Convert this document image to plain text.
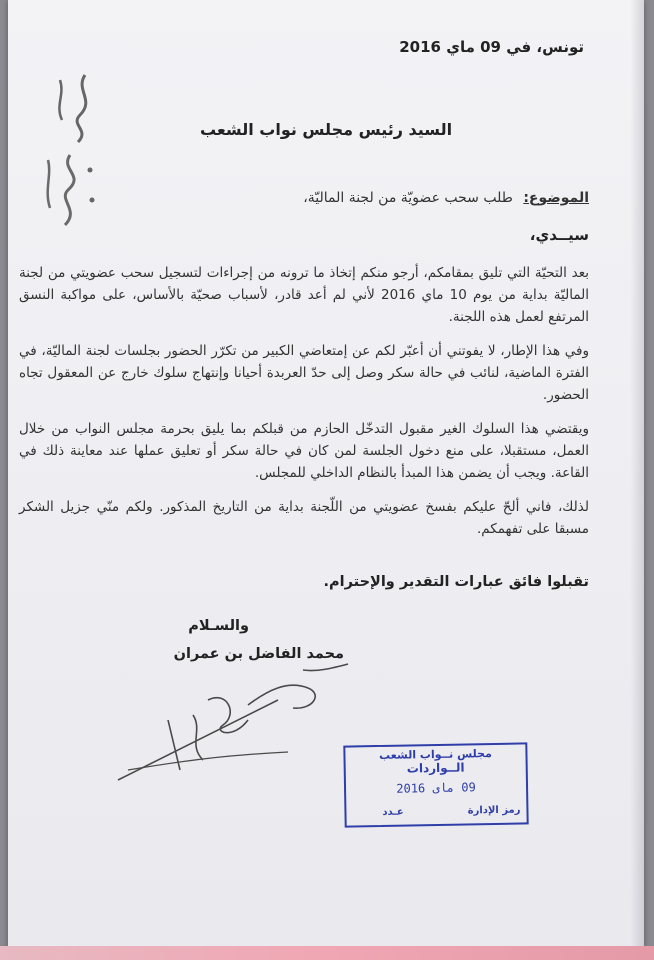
تونس، في 09 ماي 2016
السيد رئيس مجلس نواب الشعب
الموضوع: طلب سحب عضويّة من لجنة الماليّة،
سيــدي،

بعد التحيّة التي تليق بمقامكم، أرجو منكم إتخاذ ما ترونه من إجراءات لتسجيل سحب عضويتي من لجنة الماليّة بداية من يوم 10 ماي 2016 لأني لم أعد قادر، لأسباب صحيّة بالأساس، على مواكبة النسق المرتفع لعمل هذه اللجنة.

وفي هذا الإطار، لا يفوتني أن أعبّر لكم عن إمتعاضي الكبير من تكرّر الحضور بجلسات لجنة الماليّة، في الفترة الماضية، لنائب في حالة سكر وصل إلى حدّ العربدة أحيانا وإنتهاج سلوك خارج عن المعقول تجاه الحضور.

ويقتضي هذا السلوك الغير مقبول التدخّل الحازم من قبلكم بما يليق بحرمة مجلس النواب من خلال العمل، مستقبلا، على منع دخول الجلسة لمن كان في حالة سكر أو تعليق عملها عند معاينة ذلك في القاعة. ويجب أن يضمن هذا المبدأ بالنظام الداخلي للمجلس.

لذلك، فاني ألحّ عليكم بفسخ عضويتي من اللّجنة بداية من التاريخ المذكور. ولكم منّي جزيل الشكر مسبقا على تفهمكم.

تقبلوا فائق عبارات التقدير والإحترام.
والسـلام
محمد الفاضل بن عمران
مجلس نــواب الشعب
الــواردات
09 ماى 2016
رمز الإدارة
عـدد
